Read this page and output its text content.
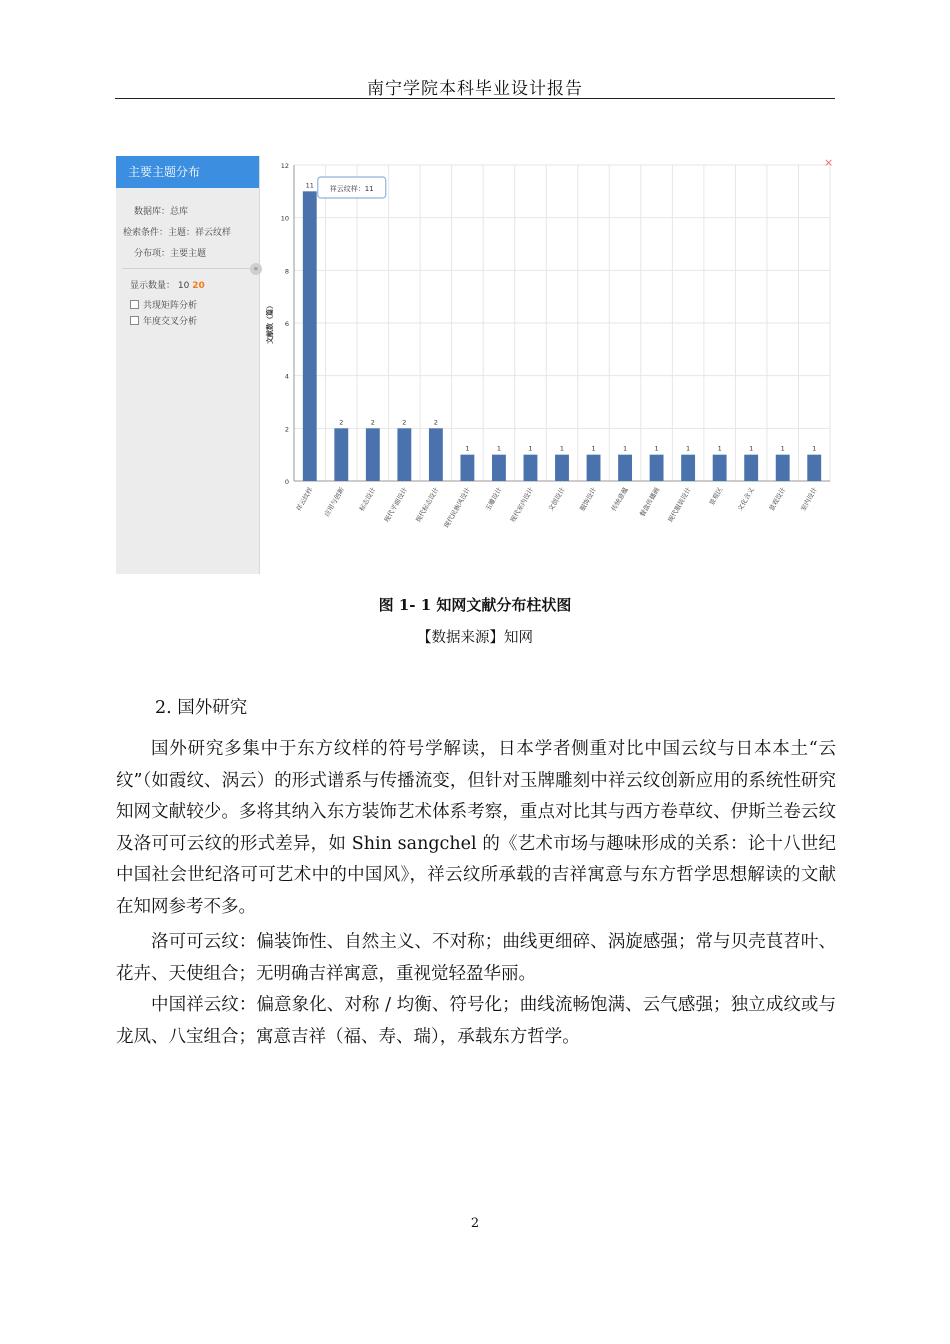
南宁学院本科毕业设计报告
主要主题分布
数据库：总库
检索条件：主题：祥云纹样
分布项：主要主题
«
显示数量： 10 20
共现矩阵分析
年度交叉分析
0
2
4
6
8
10
12
文献数（篇）
11
祥云纹样
2
应用与创新
2
标志设计
2
现代平面设计
2
现代标志设计
1
现代民族风设计
1
玉雕设计
1
现代室内设计
1
文创设计
1
服饰设计
1
传统意蕴
1
餐盘传播画
1
现代服装设计
1
景观区
1
文化含义
1
景观设计
1
室内设计
祥云纹样：11
×
图 1- 1 知网文献分布柱状图
【数据来源】知网
2. 国外研究
国外研究多集中于东方纹样的符号学解读，日本学者侧重对比中国云纹与日本本土“云纹”（如霞纹、涡云）的形式谱系与传播流变，但针对玉牌雕刻中祥云纹创新应用的系统性研究知网文献较少。多将其纳入东方装饰艺术体系考察，重点对比其与西方卷草纹、伊斯兰卷云纹及洛可可云纹的形式差异，如 Shin sangchel 的《艺术市场与趣味形成的关系：论十八世纪中国社会世纪洛可可艺术中的中国风》，祥云纹所承载的吉祥寓意与东方哲学思想解读的文献在知网参考不多。
洛可可云纹：偏装饰性、自然主义、不对称；曲线更细碎、涡旋感强；常与贝壳茛苕叶、花卉、天使组合；无明确吉祥寓意，重视觉轻盈华丽。
中国祥云纹：偏意象化、对称 / 均衡、符号化；曲线流畅饱满、云气感强；独立成纹或与龙凤、八宝组合；寓意吉祥（福、寿、瑞），承载东方哲学。
2
